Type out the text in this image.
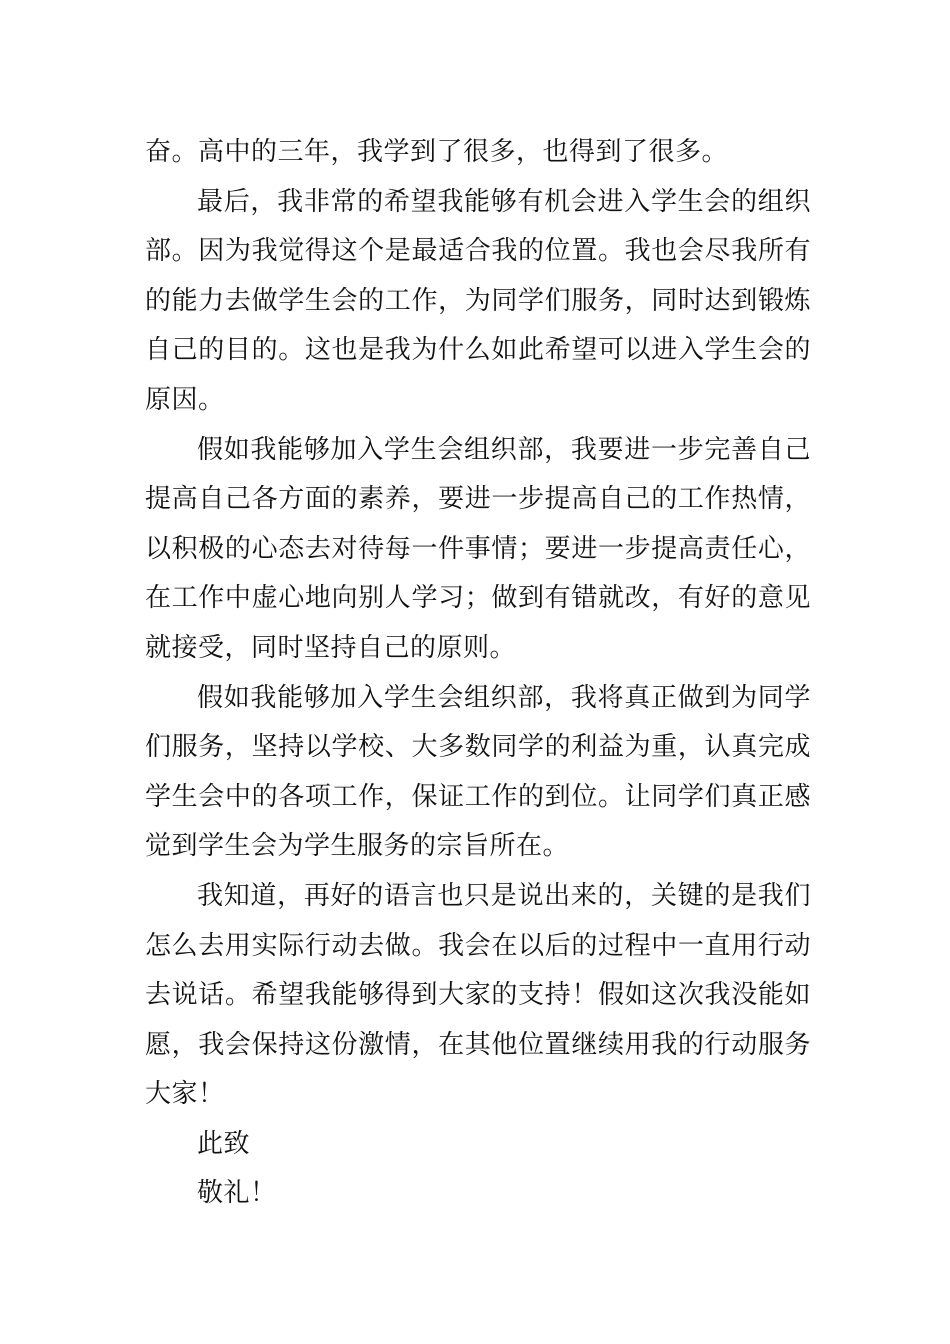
奋。高中的三年，我学到了很多，也得到了很多。

最后，我非常的希望我能够有机会进入学生会的组织部。因为我觉得这个是最适合我的位置。我也会尽我所有的能力去做学生会的工作，为同学们服务，同时达到锻炼自己的目的。这也是我为什么如此希望可以进入学生会的原因。

假如我能够加入学生会组织部，我要进一步完善自己提高自己各方面的素养，要进一步提高自己的工作热情，以积极的心态去对待每一件事情；要进一步提高责任心，在工作中虚心地向别人学习；做到有错就改，有好的意见就接受，同时坚持自己的原则。

假如我能够加入学生会组织部，我将真正做到为同学们服务，坚持以学校、大多数同学的利益为重，认真完成学生会中的各项工作，保证工作的到位。让同学们真正感觉到学生会为学生服务的宗旨所在。

我知道，再好的语言也只是说出来的，关键的是我们怎么去用实际行动去做。我会在以后的过程中一直用行动去说话。希望我能够得到大家的支持！假如这次我没能如愿，我会保持这份激情，在其他位置继续用我的行动服务大家！

此致

敬礼！
